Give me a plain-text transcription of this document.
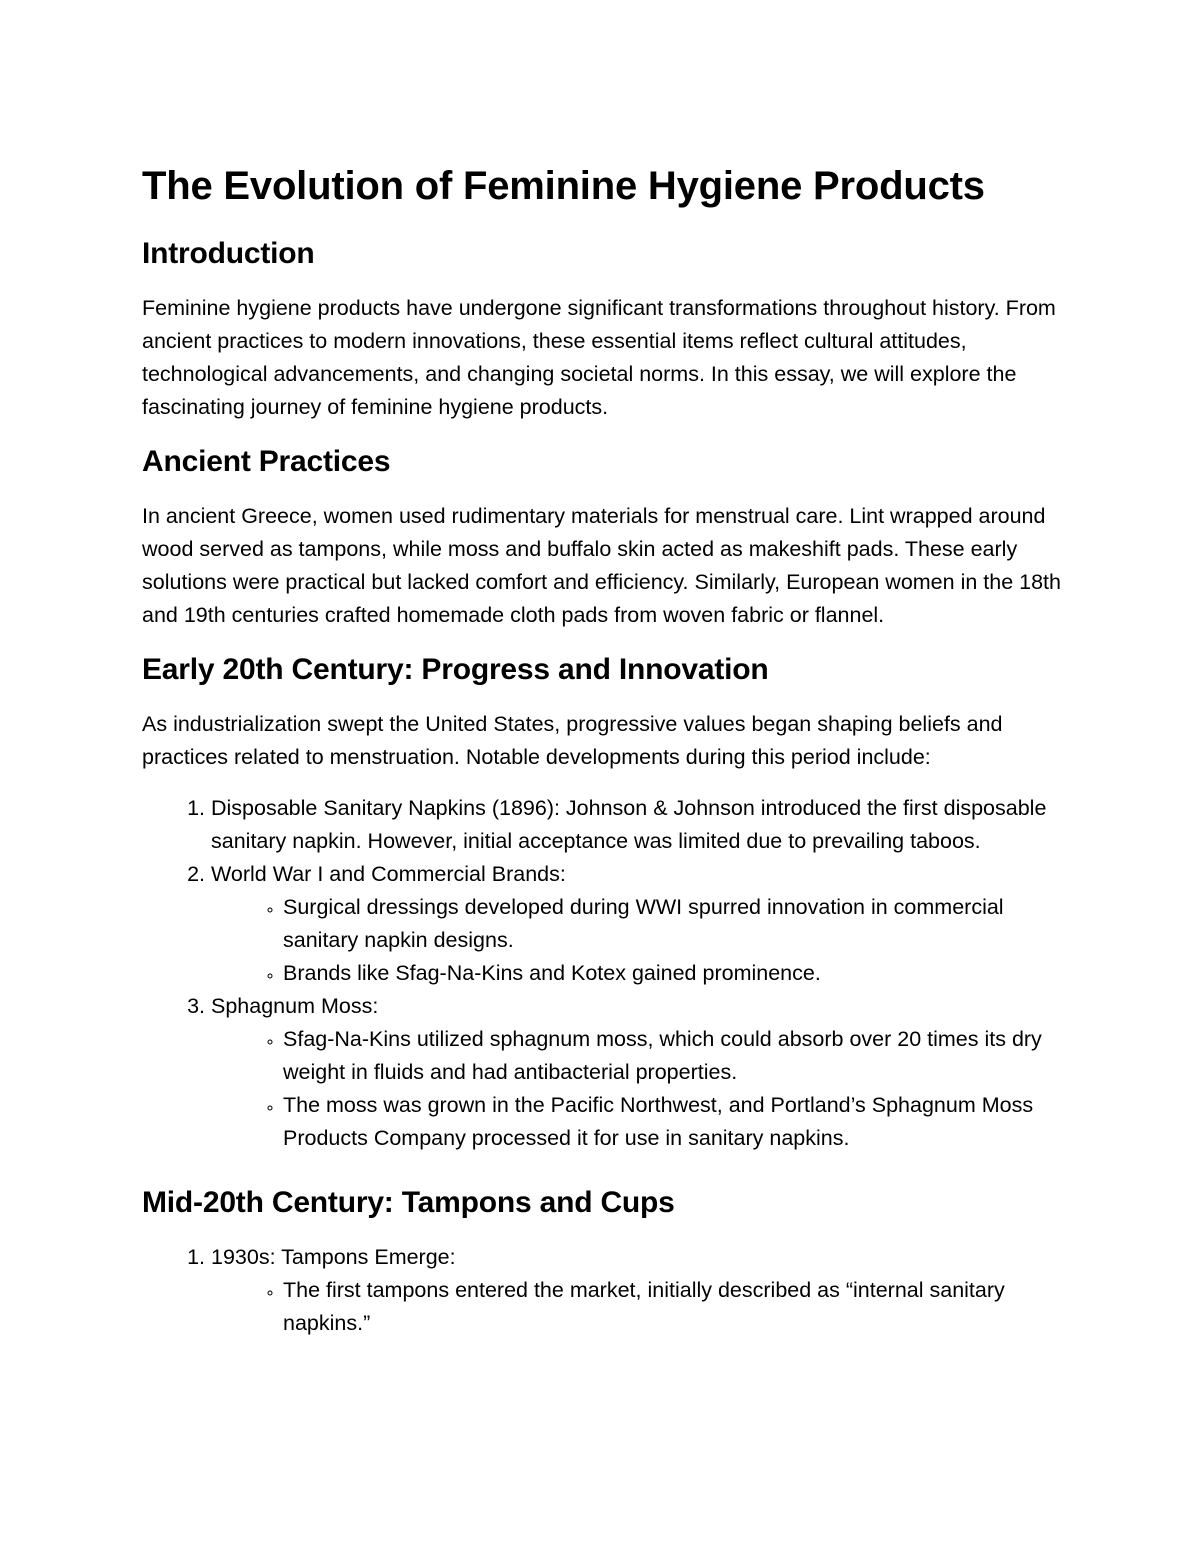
The Evolution of Feminine Hygiene Products
Introduction

Feminine hygiene products have undergone significant transformations throughout history. From ancient practices to modern innovations, these essential items reflect cultural attitudes, technological advancements, and changing societal norms. In this essay, we will explore the fascinating journey of feminine hygiene products.

Ancient Practices

In ancient Greece, women used rudimentary materials for menstrual care. Lint wrapped around wood served as tampons, while moss and buffalo skin acted as makeshift pads. These early solutions were practical but lacked comfort and efficiency. Similarly, European women in the 18th and 19th centuries crafted homemade cloth pads from woven fabric or flannel.

Early 20th Century: Progress and Innovation

As industrialization swept the United States, progressive values began shaping beliefs and practices related to menstruation. Notable developments during this period include:

1. Disposable Sanitary Napkins (1896): Johnson & Johnson introduced the first disposable sanitary napkin. However, initial acceptance was limited due to prevailing taboos.
2. World War I and Commercial Brands:
◦ Surgical dressings developed during WWI spurred innovation in commercial sanitary napkin designs.
◦ Brands like Sfag-Na-Kins and Kotex gained prominence.
3. Sphagnum Moss:
◦ Sfag-Na-Kins utilized sphagnum moss, which could absorb over 20 times its dry weight in fluids and had antibacterial properties.
◦ The moss was grown in the Pacific Northwest, and Portland’s Sphagnum Moss Products Company processed it for use in sanitary napkins.
Mid-20th Century: Tampons and Cups
1. 1930s: Tampons Emerge:
◦ The first tampons entered the market, initially described as “internal sanitary napkins.”
